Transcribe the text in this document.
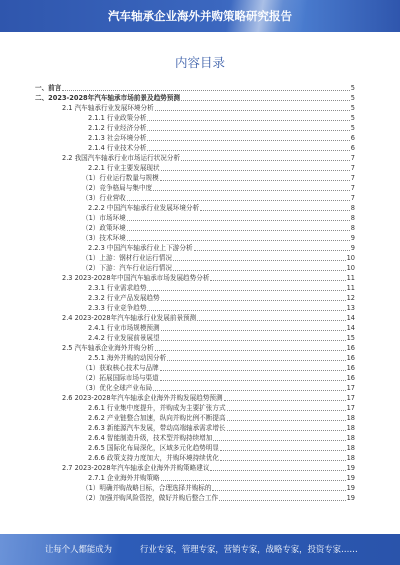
汽车轴承企业海外并购策略研究报告
内容目录
一、前言	5
二、2023-2028年汽车轴承市场前景及趋势预测	5
2.1 汽车轴承行业发展环境分析	5
2.1.1 行业政策分析	5
2.1.2 行业经济分析	5
2.1.3 社会环境分析	6
2.1.4 行业技术分析	6
2.2 我国汽车轴承行业市场运行状况分析	7
2.2.1 行业主要发展现状	7
（1）行业运行数量与规模	7
（2）竞争格局与集中度	7
（3）行业营收	7
2.2.2 中国汽车轴承行业发展环境分析	8
（1）市场环境	8
（2）政策环境	8
（3）技术环境	9
2.2.3 中国汽车轴承行业上下游分析	9
（1）上游：钢材行业运行情况	10
（2）下游：汽车行业运行情况	10
2.3 2023-2028年中国汽车轴承市场发展趋势分析	11
2.3.1 行业需求趋势	11
2.3.2 行业产品发展趋势	12
2.3.3 行业竞争趋势	13
2.4 2023-2028年汽车轴承行业发展前景预测	14
2.4.1 行业市场规模预测	14
2.4.2 行业发展前景展望	15
2.5 汽车轴承企业海外并购分析	16
2.5.1 海外并购的动因分析	16
（1）获取核心技术与品牌	16
（2）拓展国际市场与渠道	16
（3）优化全球产业布局	17
2.6 2023-2028年汽车轴承企业海外并购发展趋势预测	17
2.6.1 行业集中度提升，并购成为主要扩张方式	17
2.6.2 产业链整合加速，纵向并购比例不断提高	18
2.6.3 新能源汽车发展，带动高端轴承需求增长	18
2.6.4 智能制造升级，技术型并购持续增加	18
2.6.5 国际化布局深化，区域多元化趋势明显	18
2.6.6 政策支持力度加大，并购环境持续优化	18
2.7 2023-2028年汽车轴承企业海外并购策略建议	19
2.7.1 企业海外并购策略	19
（1）明确并购战略目标，合理选择并购标的	19
（2）加强并购风险管控，做好并购后整合工作	19
让每个人都能成为	行业专家，管理专家，营销专家，战略专家，投资专家……
